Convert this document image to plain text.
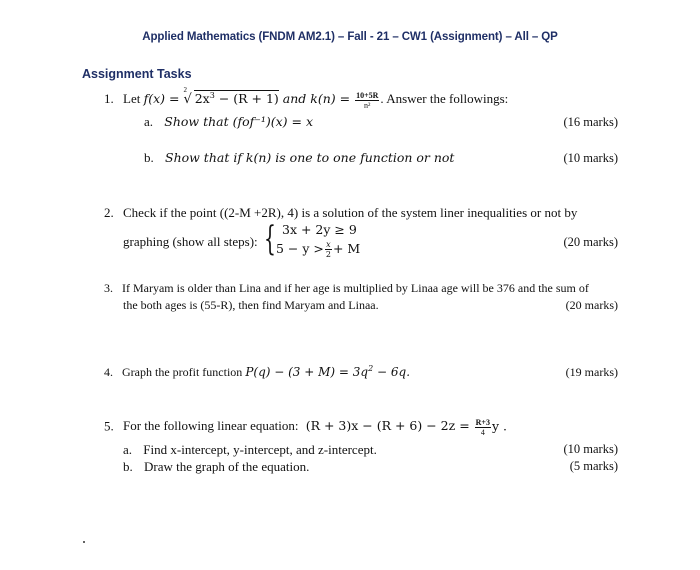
Applied Mathematics (FNDM AM2.1) – Fall - 21 – CW1 (Assignment) – All – QP
Assignment Tasks
1. Let f(x) =
2
√ $2x^3 - (R + 1)$ and $k(n) = \frac{10+5R}{\text{n²}}$ . Answer the followings:
a. Show that (fof⁻¹)(x) = x	(16 marks)
b. Show that if k(n) is one to one function or not	(10 marks)
2. Check if the point ((2-M +2R), 4) is a solution of the system liner inequalities or not by
graphing (show all steps): { 3x + 2y ≥ 9
$5 - y > \frac{x}{2} + M$	(20 marks)
3. If Maryam is older than Lina and if her age is multiplied by Linaa age will be 376 and the sum of
the both ages is (55-R), then find Maryam and Linaa.	(20 marks)
4. Graph the profit function $P(q) - (3 + M) = 3q^2 - 6q$.	(19 marks)
5. For the following linear equation: $(R + 3)x - (R + 6) - 2z = \frac{R+3}{4}$ y .
a. Find x-intercept, y-intercept, and z-intercept.	(10 marks)
b. Draw the graph of the equation.	(5 marks)
